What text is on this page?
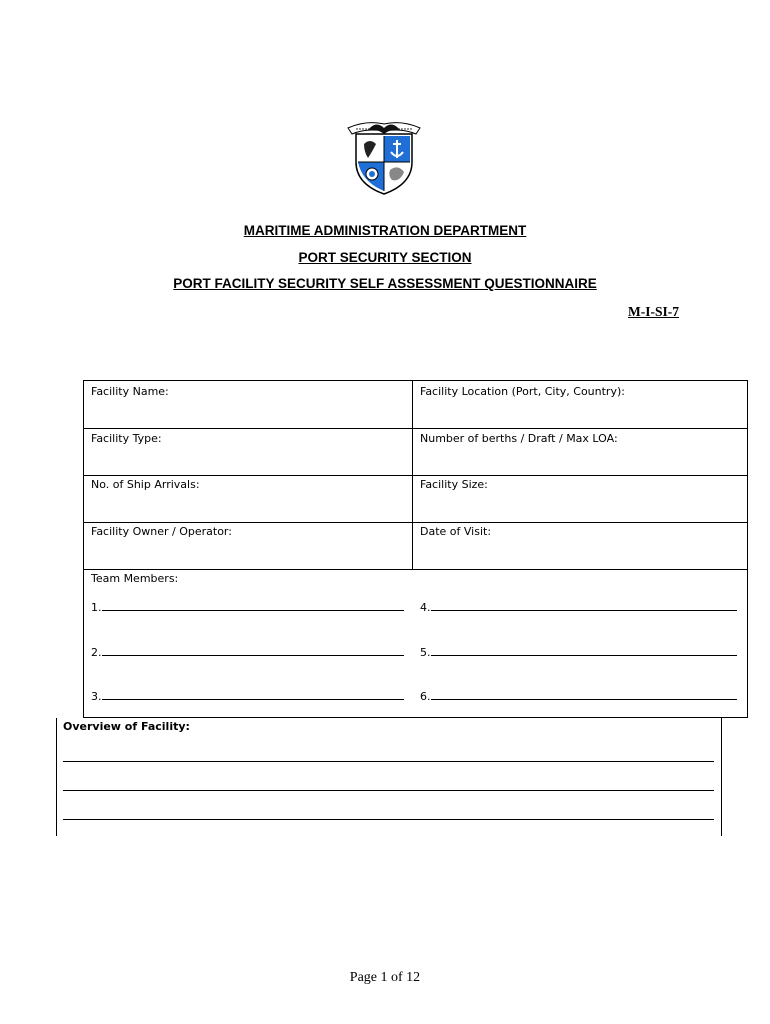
MARITIME ADMINISTRATION DEPARTMENT
PORT SECURITY SECTION
PORT FACILITY SECURITY SELF ASSESSMENT QUESTIONNAIRE
M-I-SI-7
Facility Name:	Facility Location (Port, City, Country):
Facility Type:	Number of berths / Draft / Max LOA:
No. of Ship Arrivals:	Facility Size:
Facility Owner / Operator:	Date of Visit:
Team Members:
1.
2.
3.
4.
5.
6.
Overview of Facility:
Page 1 of 12
